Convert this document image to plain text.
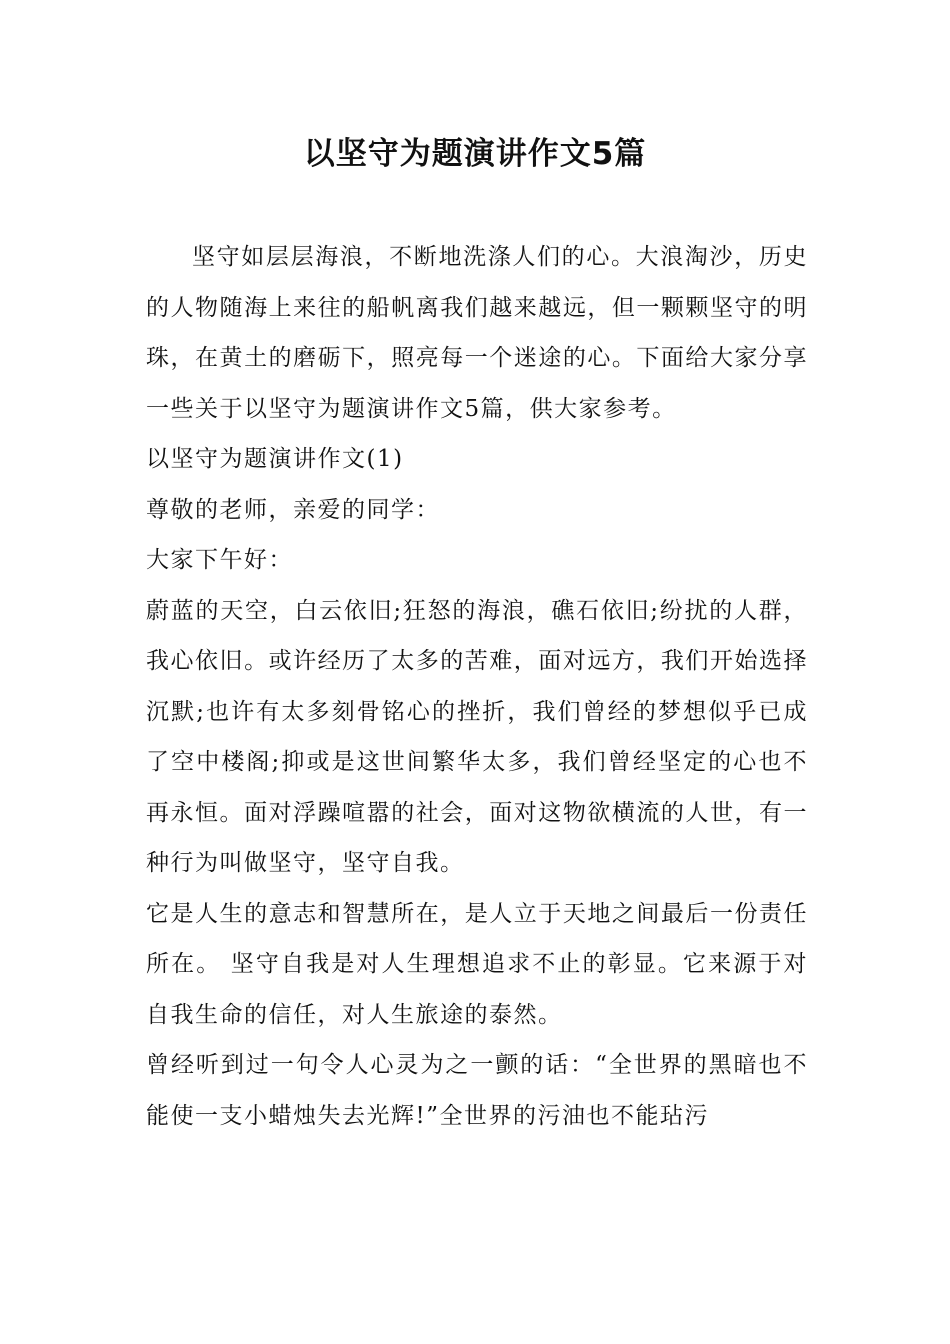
以坚守为题演讲作文5篇

坚守如层层海浪，不断地洗涤人们的心。大浪淘沙，历史的人物随海上来往的船帆离我们越来越远，但一颗颗坚守的明珠，在黄土的磨砺下，照亮每一个迷途的心。下面给大家分享一些关于以坚守为题演讲作文5篇，供大家参考。

以坚守为题演讲作文(1)

尊敬的老师，亲爱的同学：

大家下午好：

蔚蓝的天空，白云依旧;狂怒的海浪，礁石依旧;纷扰的人群，我心依旧。或许经历了太多的苦难，面对远方，我们开始选择沉默;也许有太多刻骨铭心的挫折，我们曾经的梦想似乎已成了空中楼阁;抑或是这世间繁华太多，我们曾经坚定的心也不再永恒。面对浮躁喧嚣的社会，面对这物欲横流的人世，有一种行为叫做坚守，坚守自我。

它是人生的意志和智慧所在，是人立于天地之间最后一份责任所在。 坚守自我是对人生理想追求不止的彰显。它来源于对自我生命的信任，对人生旅途的泰然。

曾经听到过一句令人心灵为之一颤的话：“全世界的黑暗也不能使一支小蜡烛失去光辉!”全世界的污油也不能玷污
